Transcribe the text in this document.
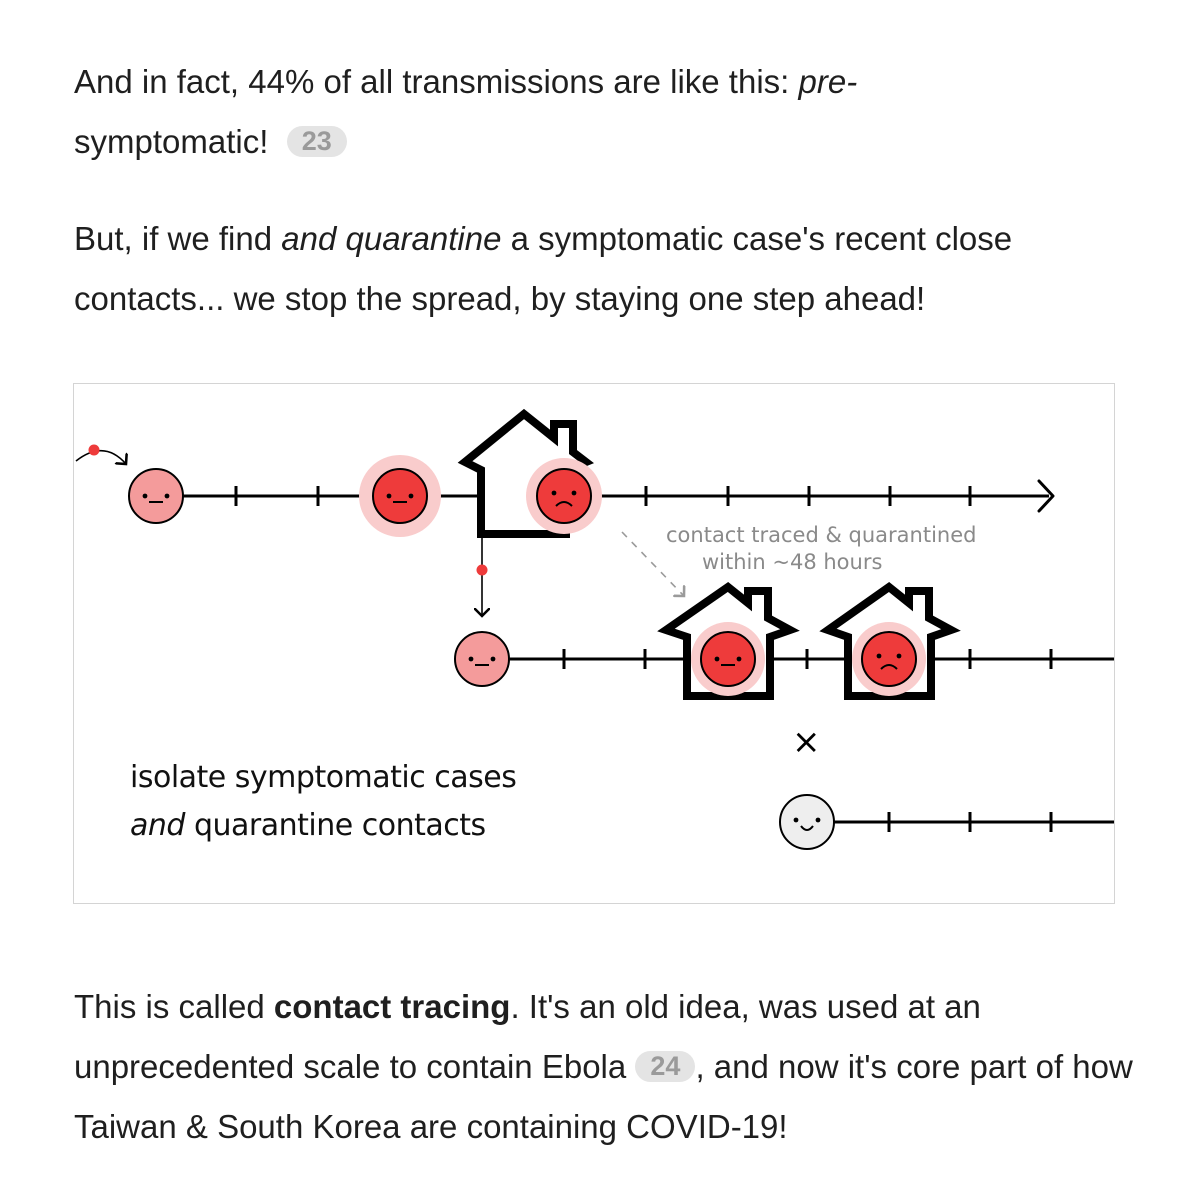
And in fact, 44% of all transmissions are like this: pre-
symptomatic! 23

But, if we find and quarantine a symptomatic case's recent close contacts... we stop the spread, by staying one step ahead!

contact traced & quarantined
within ~48 hours
×
isolate symptomatic cases
and quarantine contacts

This is called contact tracing. It's an old idea, was used at an unprecedented scale to contain Ebola 24 , and now it's core part of how Taiwan & South Korea are containing COVID-19!
